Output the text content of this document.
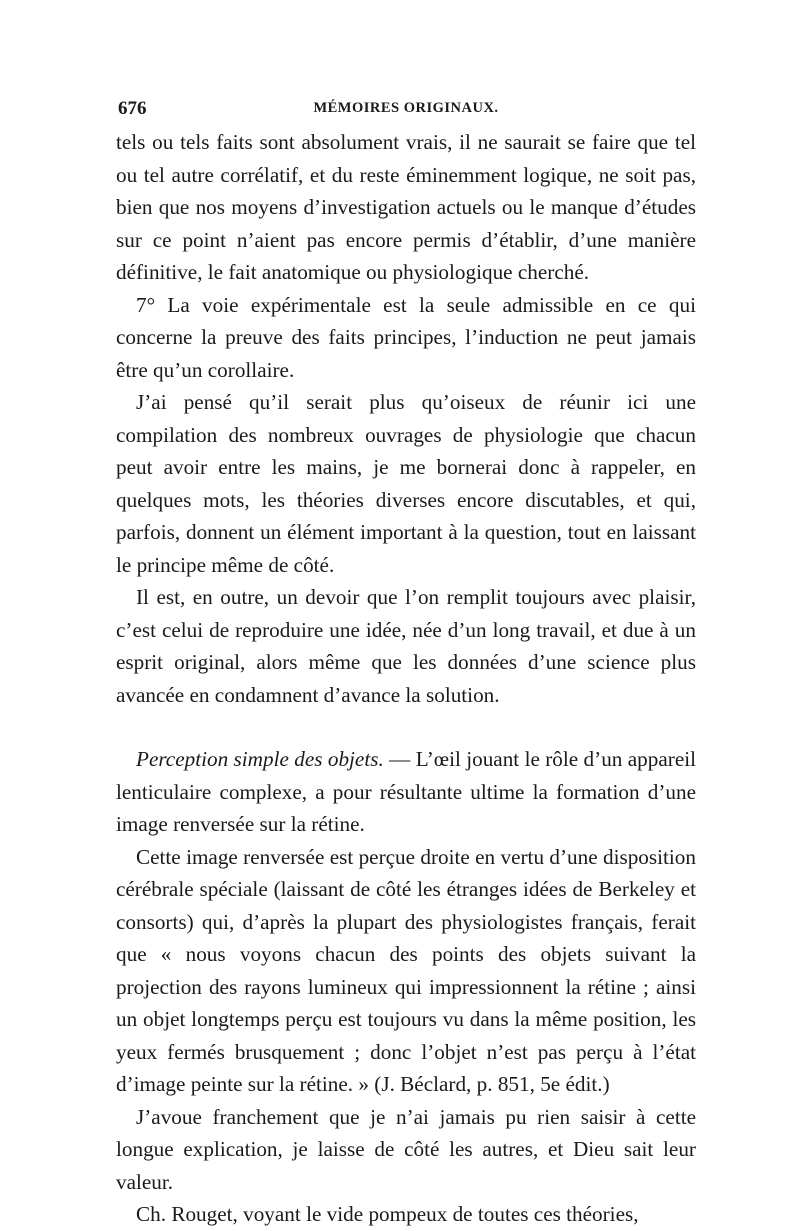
676	MÉMOIRES ORIGINAUX.

tels ou tels faits sont absolument vrais, il ne saurait se faire que tel ou tel autre corrélatif, et du reste éminemment logique, ne soit pas, bien que nos moyens d’investigation actuels ou le manque d’études sur ce point n’aient pas encore permis d’établir, d’une manière définitive, le fait anatomique ou physiologique cherché.

7° La voie expérimentale est la seule admissible en ce qui concerne la preuve des faits principes, l’induction ne peut jamais être qu’un corollaire.

J’ai pensé qu’il serait plus qu’oiseux de réunir ici une compilation des nombreux ouvrages de physiologie que chacun peut avoir entre les mains, je me bornerai donc à rappeler, en quelques mots, les théories diverses encore discutables, et qui, parfois, donnent un élément important à la question, tout en laissant le principe même de côté.

Il est, en outre, un devoir que l’on remplit toujours avec plaisir, c’est celui de reproduire une idée, née d’un long travail, et due à un esprit original, alors même que les données d’une science plus avancée en condamnent d’avance la solution.

Perception simple des objets. — L’œil jouant le rôle d’un appareil lenticulaire complexe, a pour résultante ultime la formation d’une image renversée sur la rétine.

Cette image renversée est perçue droite en vertu d’une disposition cérébrale spéciale (laissant de côté les étranges idées de Berkeley et consorts) qui, d’après la plupart des physiologistes français, ferait que « nous voyons chacun des points des objets suivant la projection des rayons lumineux qui impressionnent la rétine ; ainsi un objet longtemps perçu est toujours vu dans la même position, les yeux fermés brusquement ; donc l’objet n’est pas perçu à l’état d’image peinte sur la rétine. » (J. Béclard, p. 851, 5e édit.)

J’avoue franchement que je n’ai jamais pu rien saisir à cette longue explication, je laisse de côté les autres, et Dieu sait leur valeur.

Ch. Rouget, voyant le vide pompeux de toutes ces théories,
